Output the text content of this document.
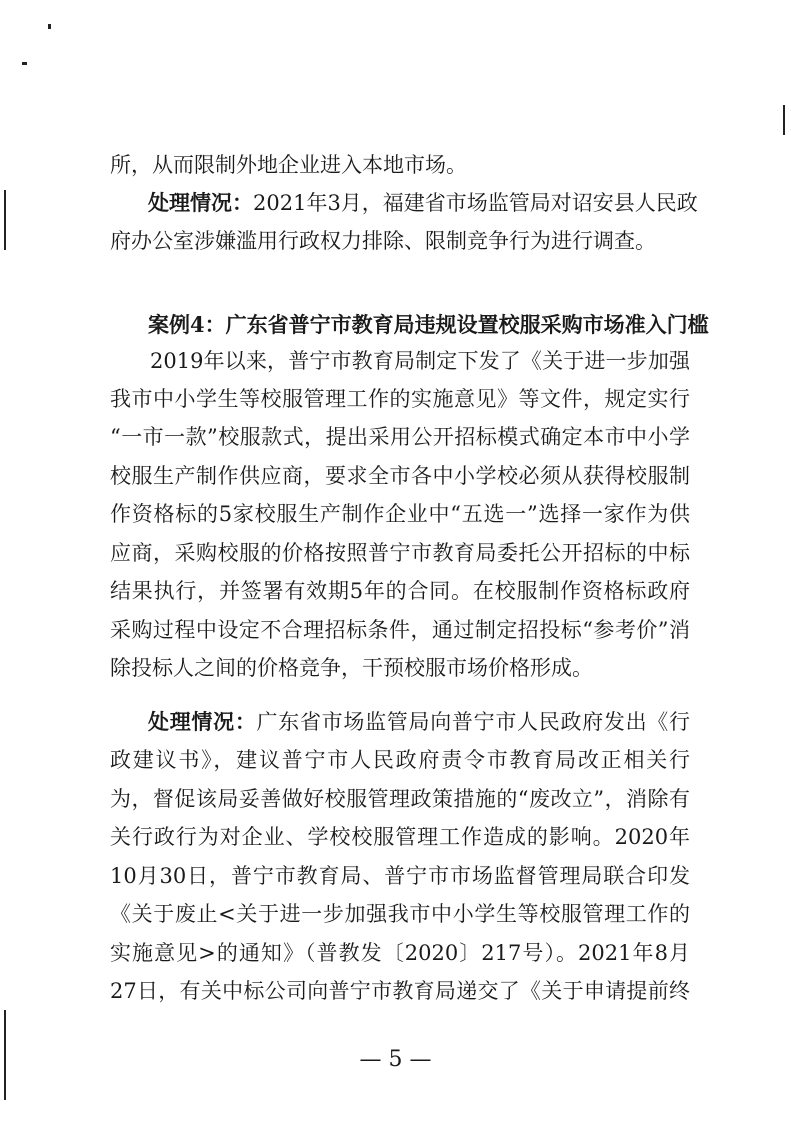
所，从而限制外地企业进入本地市场。
处理情况：2021年3月，福建省市场监管局对诏安县人民政
府办公室涉嫌滥用行政权力排除、限制竞争行为进行调查。
案例4：广东省普宁市教育局违规设置校服采购市场准入门槛
2019年以来，普宁市教育局制定下发了《关于进一步加强
我市中小学生等校服管理工作的实施意见》等文件，规定实行
“一市一款”校服款式，提出采用公开招标模式确定本市中小学
校服生产制作供应商，要求全市各中小学校必须从获得校服制
作资格标的5家校服生产制作企业中“五选一”选择一家作为供
应商，采购校服的价格按照普宁市教育局委托公开招标的中标
结果执行，并签署有效期5年的合同。在校服制作资格标政府
采购过程中设定不合理招标条件，通过制定招投标“参考价”消
除投标人之间的价格竞争，干预校服市场价格形成。
处理情况：广东省市场监管局向普宁市人民政府发出《行
政建议书》，建议普宁市人民政府责令市教育局改正相关行
为，督促该局妥善做好校服管理政策措施的“废改立”，消除有
关行政行为对企业、学校校服管理工作造成的影响。2020年
10月30日，普宁市教育局、普宁市市场监督管理局联合印发
《关于废止<关于进一步加强我市中小学生等校服管理工作的
实施意见>的通知》（普教发〔2020〕217号）。2021年8月
27日，有关中标公司向普宁市教育局递交了《关于申请提前终
— 5 —
